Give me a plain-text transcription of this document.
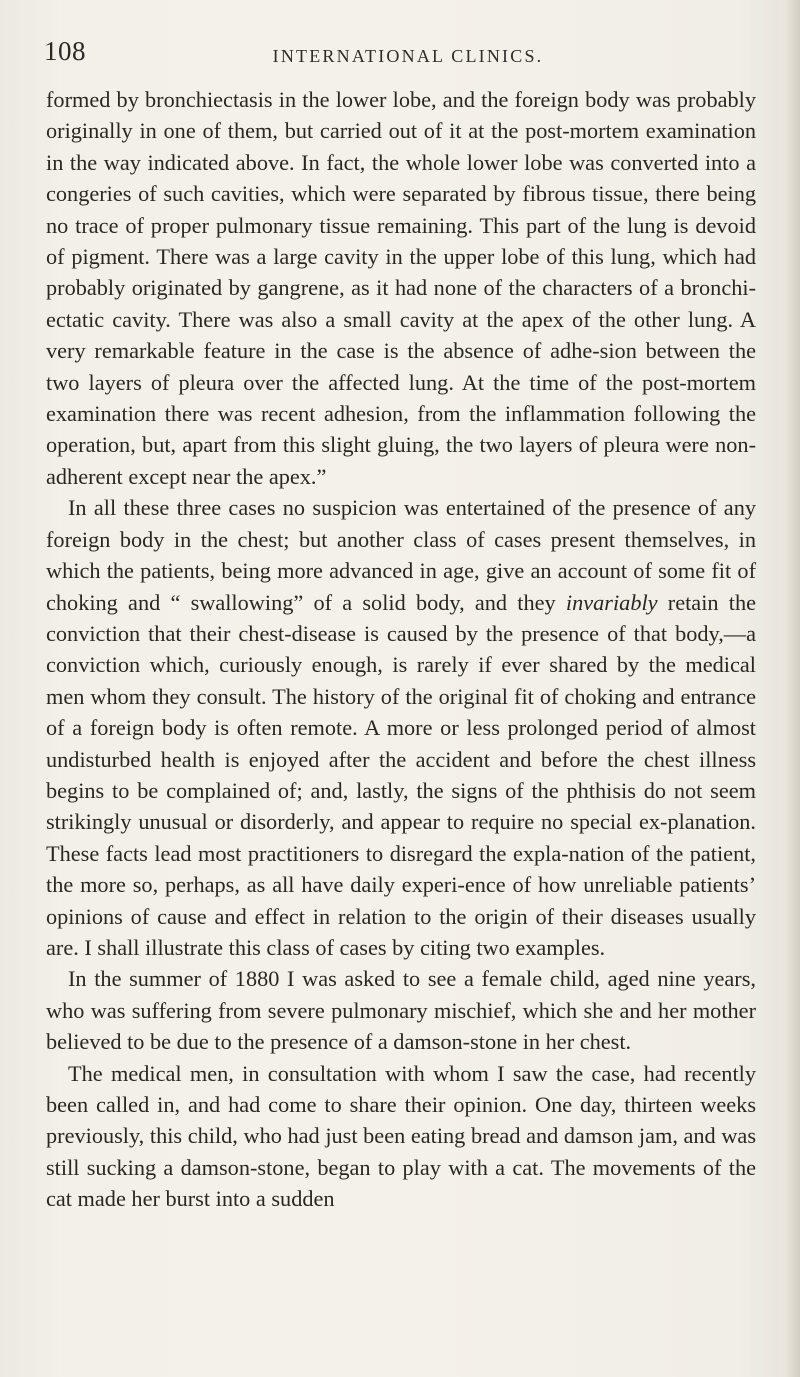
108	INTERNATIONAL CLINICS.

formed by bronchiectasis in the lower lobe, and the foreign body was probably originally in one of them, but carried out of it at the post-mortem examination in the way indicated above. In fact, the whole lower lobe was converted into a congeries of such cavities, which were separated by fibrous tissue, there being no trace of proper pulmonary tissue remaining. This part of the lung is devoid of pigment. There was a large cavity in the upper lobe of this lung, which had probably originated by gangrene, as it had none of the characters of a bronchi-ectatic cavity. There was also a small cavity at the apex of the other lung. A very remarkable feature in the case is the absence of adhe-sion between the two layers of pleura over the affected lung. At the time of the post-mortem examination there was recent adhesion, from the inflammation following the operation, but, apart from this slight gluing, the two layers of pleura were non-adherent except near the apex.”

In all these three cases no suspicion was entertained of the presence of any foreign body in the chest; but another class of cases present themselves, in which the patients, being more advanced in age, give an account of some fit of choking and “ swallowing” of a solid body, and they invariably retain the conviction that their chest-disease is caused by the presence of that body,—a conviction which, curiously enough, is rarely if ever shared by the medical men whom they consult. The history of the original fit of choking and entrance of a foreign body is often remote. A more or less prolonged period of almost undisturbed health is enjoyed after the accident and before the chest illness begins to be complained of; and, lastly, the signs of the phthisis do not seem strikingly unusual or disorderly, and appear to require no special ex-planation. These facts lead most practitioners to disregard the expla-nation of the patient, the more so, perhaps, as all have daily experi-ence of how unreliable patients’ opinions of cause and effect in relation to the origin of their diseases usually are. I shall illustrate this class of cases by citing two examples.

In the summer of 1880 I was asked to see a female child, aged nine years, who was suffering from severe pulmonary mischief, which she and her mother believed to be due to the presence of a damson-stone in her chest.

The medical men, in consultation with whom I saw the case, had recently been called in, and had come to share their opinion. One day, thirteen weeks previously, this child, who had just been eating bread and damson jam, and was still sucking a damson-stone, began to play with a cat. The movements of the cat made her burst into a sudden
